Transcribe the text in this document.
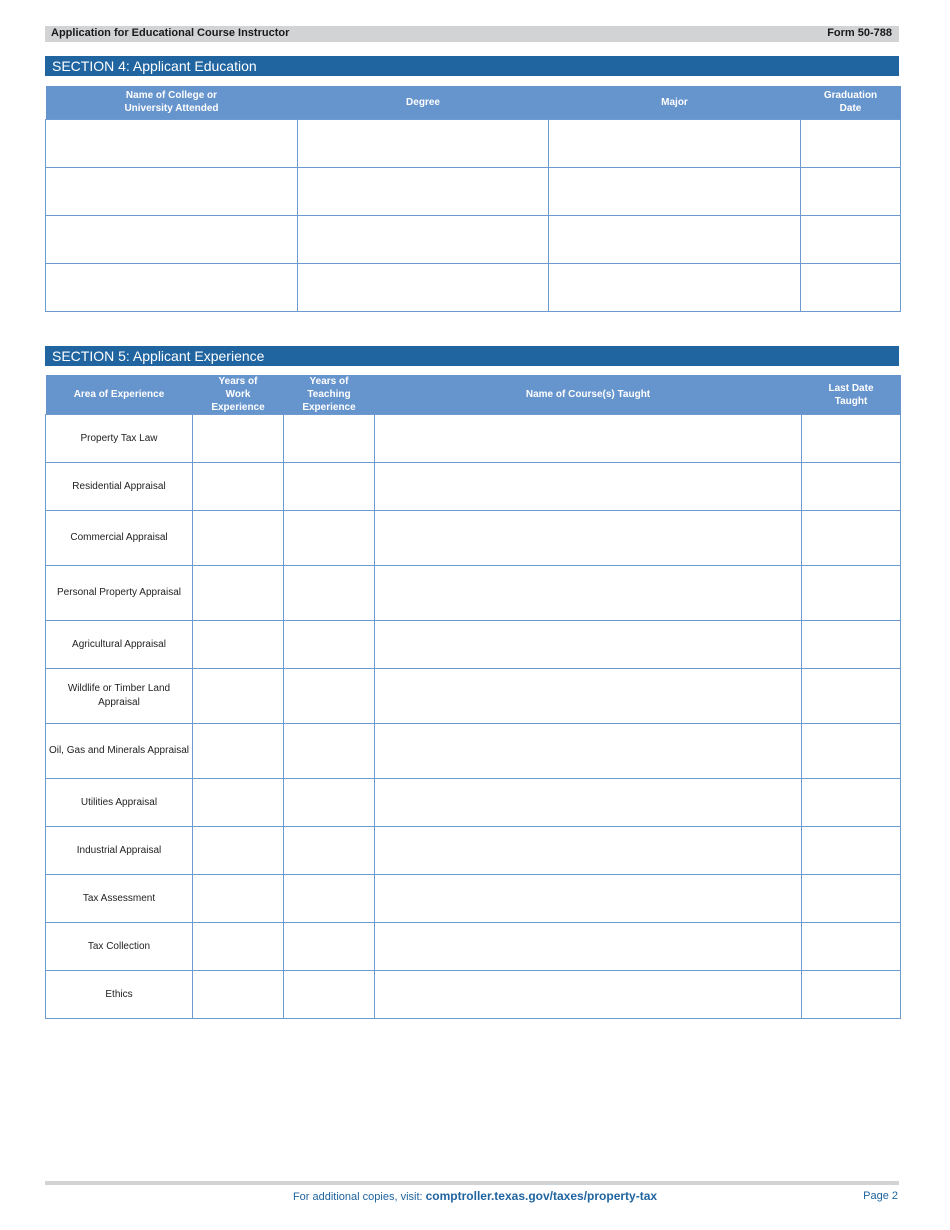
Application for Educational Course Instructor	Form 50-788
SECTION 4: Applicant Education
Name of College or University Attended	Degree	Major	Graduation Date

SECTION 5: Applicant Experience
Area of Experience	Years of Work Experience	Years of Teaching Experience	Name of Course(s) Taught	Last Date Taught

Property Tax Law				
Residential Appraisal				
Commercial Appraisal				
Personal Property Appraisal				
Agricultural Appraisal				

Wildlife or Timber Land Appraisal				

Oil, Gas and Minerals Appraisal				
Utilities Appraisal				
Industrial Appraisal				
Tax Assessment				
Tax Collection				
Ethics				
For additional copies, visit: comptroller.texas.gov/taxes/property-tax	Page 2
